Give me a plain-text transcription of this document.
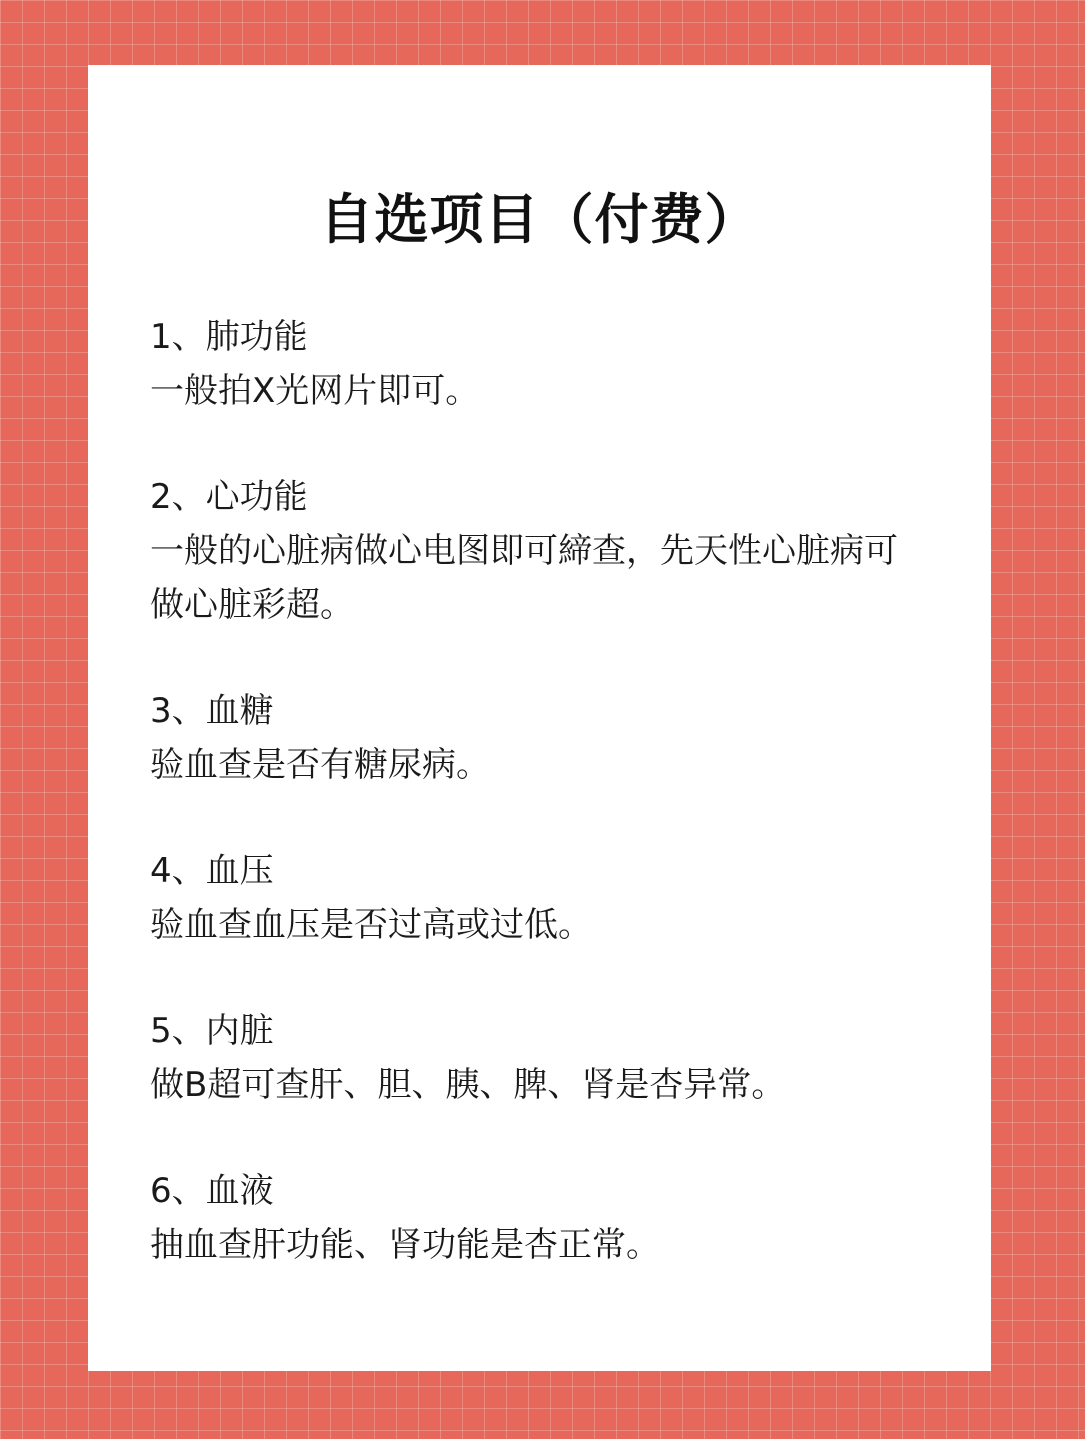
自选项目（付费）

1、肺功能

一般拍X光网片即可。

2、心功能

一般的心脏病做心电图即可締查，先天性心脏病可做心脏彩超。

3、血糖

验血查是否有糖尿病。

4、血压

验血查血压是否过高或过低。

5、内脏

做B超可查肝、胆、胰、脾、肾是杏异常。

6、血液

抽血查肝功能、肾功能是杏正常。
